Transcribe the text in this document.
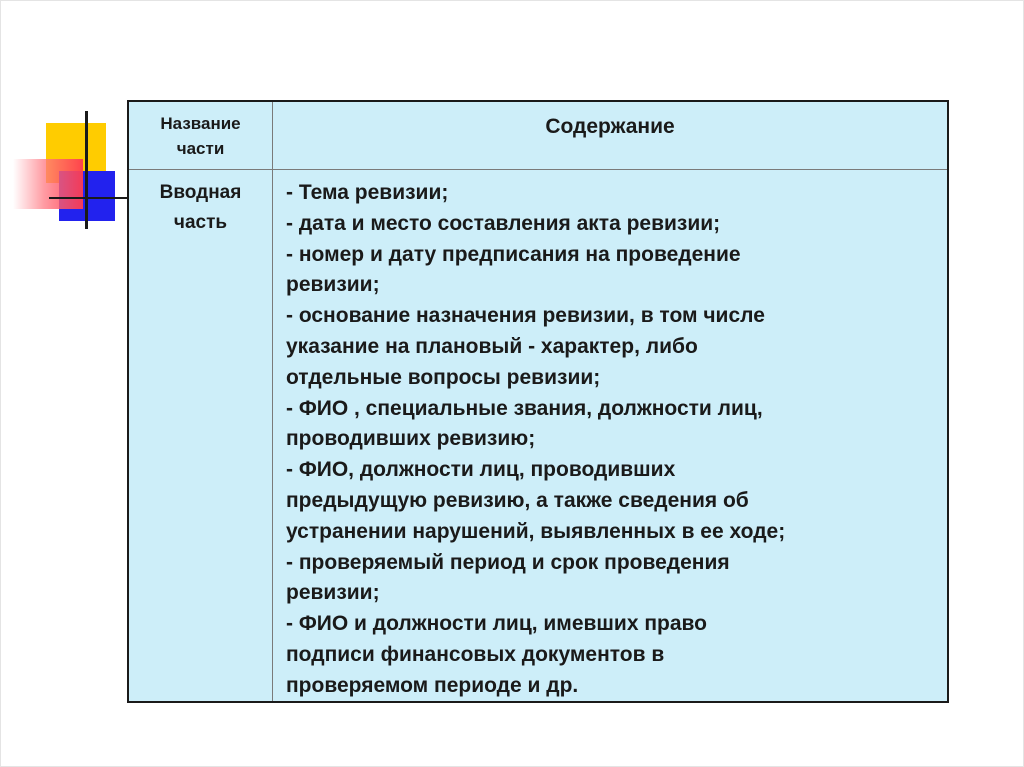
Название
части
Содержание
Вводная
часть
- Тема ревизии;
- дата и место составления акта ревизии;
- номер и дату предписания на проведение
ревизии;
- основание назначения ревизии, в том числе
указание на плановый - характер, либо
отдельные вопросы ревизии;
- ФИО , специальные звания, должности лиц,
проводивших ревизию;
- ФИО, должности лиц, проводивших
предыдущую ревизию, а также сведения об
устранении нарушений, выявленных в ее ходе;
- проверяемый период и срок проведения
ревизии;
- ФИО и должности лиц, имевших право
подписи финансовых документов в
проверяемом периоде и др.
